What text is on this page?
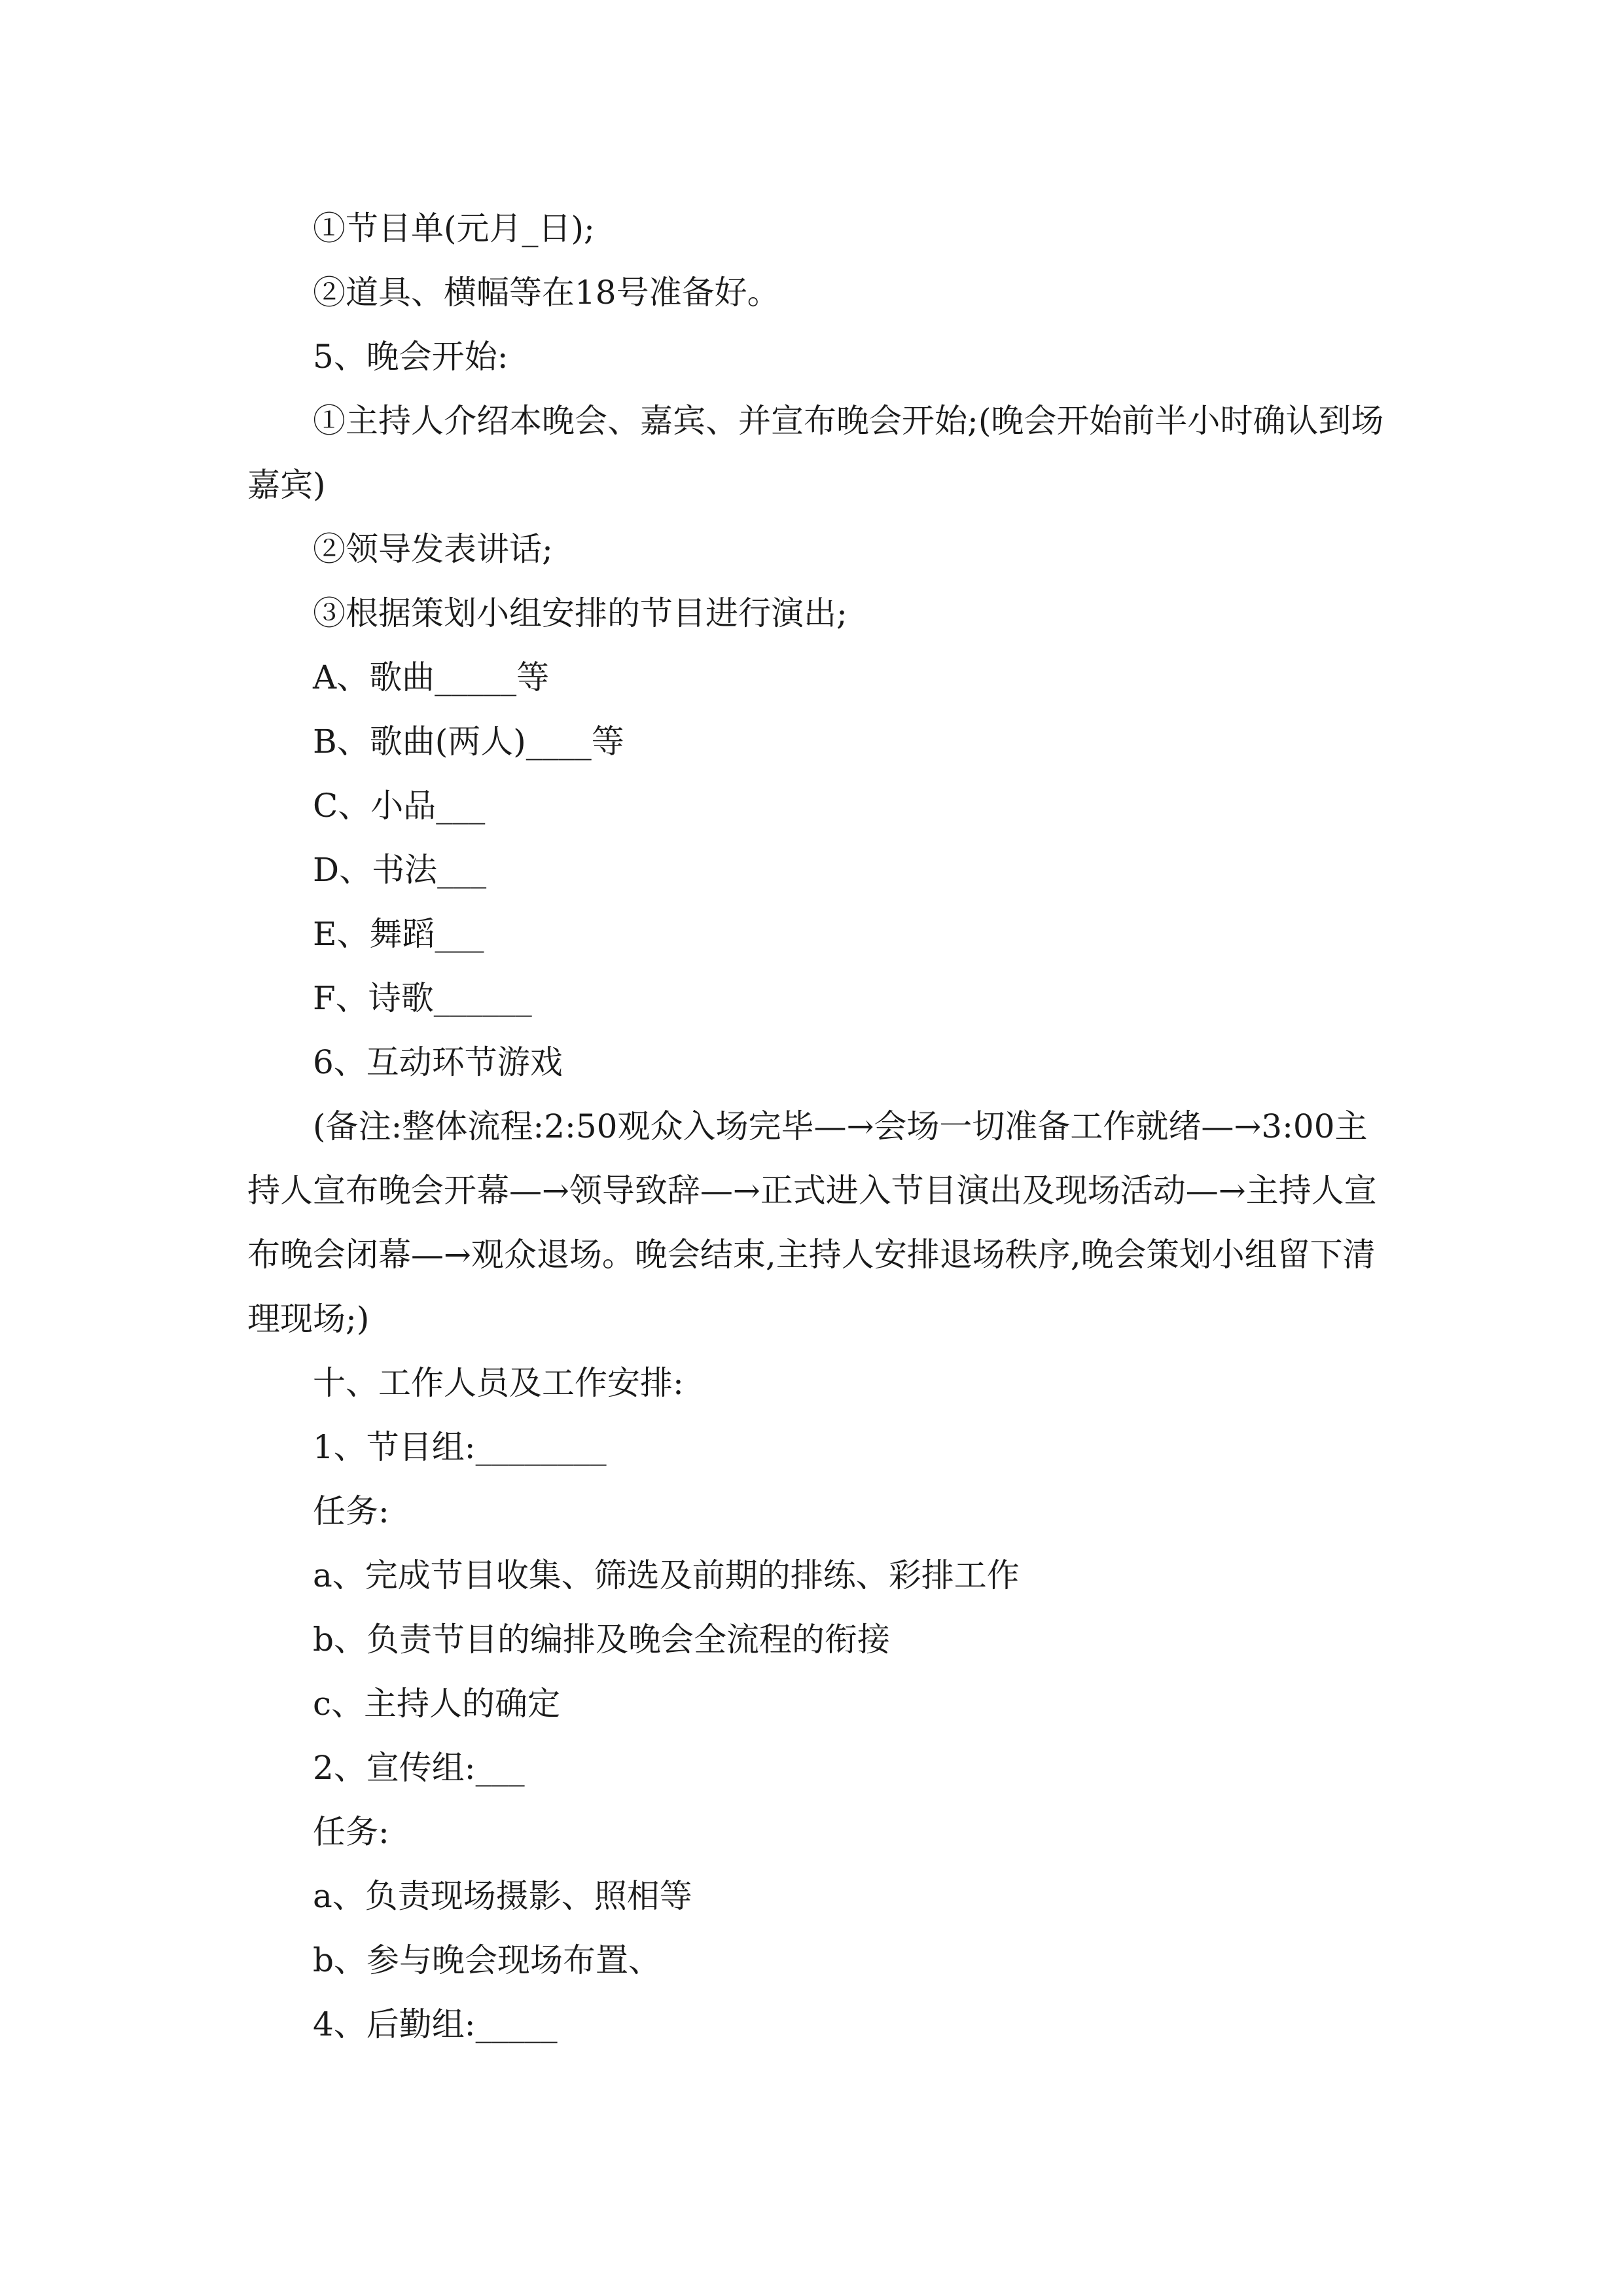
①节目单(元月_日);

②道具、横幅等在18号准备好。

5、晚会开始:

①主持人介绍本晚会、嘉宾、并宣布晚会开始;(晚会开始前半小时确认到场嘉宾)

②领导发表讲话;

③根据策划小组安排的节目进行演出;

A、歌曲_____等

B、歌曲(两人)____等

C、小品___

D、书法___

E、舞蹈___

F、诗歌______

6、互动环节游戏

(备注:整体流程:2:50观众入场完毕—→会场一切准备工作就绪—→3:00主持人宣布晚会开幕—→领导致辞—→正式进入节目演出及现场活动—→主持人宣布晚会闭幕—→观众退场。晚会结束,主持人安排退场秩序,晚会策划小组留下清理现场;)

十、工作人员及工作安排:

1、节目组:________

任务:

a、完成节目收集、筛选及前期的排练、彩排工作

b、负责节目的编排及晚会全流程的衔接

c、主持人的确定

2、宣传组:___

任务:

a、负责现场摄影、照相等

b、参与晚会现场布置、

4、后勤组:_____
